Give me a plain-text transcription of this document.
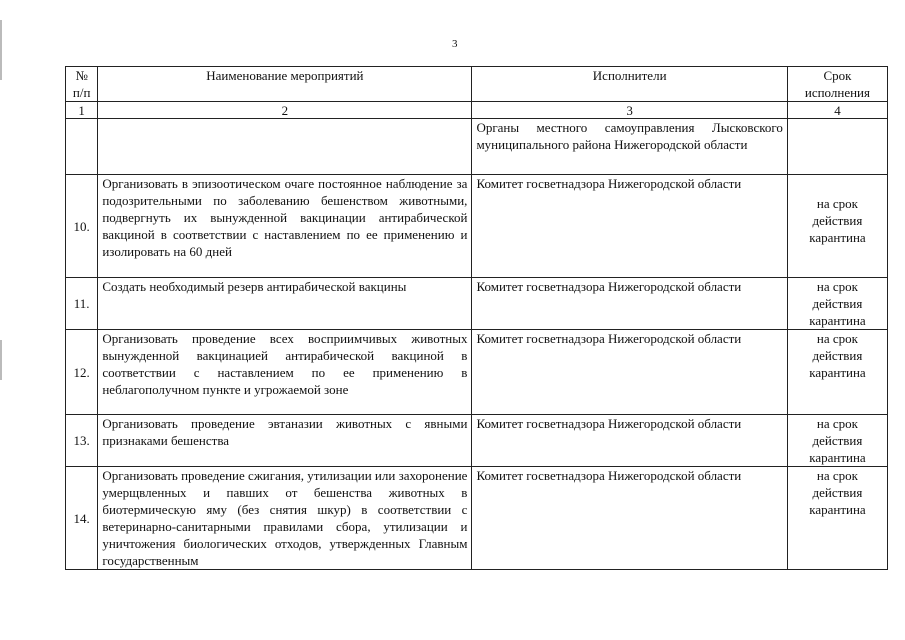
3
№ п/п	Наименование мероприятий	Исполнители	Срок исполнения
1	2	3	4
		Органы местного самоуправления Лысковского муниципального района Нижегородской области	
10.	Организовать в эпизоотическом очаге постоянное наблюдение за подозрительными по заболеванию бешенством животными, подвергнуть их вынужденной вакцинации антирабической вакциной в соответствии с наставлением по ее применению и изолировать на 60 дней	Комитет госветнадзора Нижегородской области	на срок действия карантина
11.	Создать необходимый резерв антирабической вакцины	Комитет госветнадзора Нижегородской области	на срок действия карантина
12.	Организовать проведение всех восприимчивых животных вынужденной вакцинацией антирабической вакциной в соответствии с наставлением по ее применению в неблагополучном пункте и угрожаемой зоне	Комитет госветнадзора Нижегородской области	на срок действия карантина
13.	Организовать проведение эвтаназии животных с явными признаками бешенства	Комитет госветнадзора Нижегородской области	на срок действия карантина
14.	Организовать проведение сжигания, утилизации или захоронение умерщвленных и павших от бешенства животных в биотермическую яму (без снятия шкур) в соответствии с ветеринарно-санитарными правилами сбора, утилизации и уничтожения биологических отходов, утвержденных Главным государственным	Комитет госветнадзора Нижегородской области	на срок действия карантина
